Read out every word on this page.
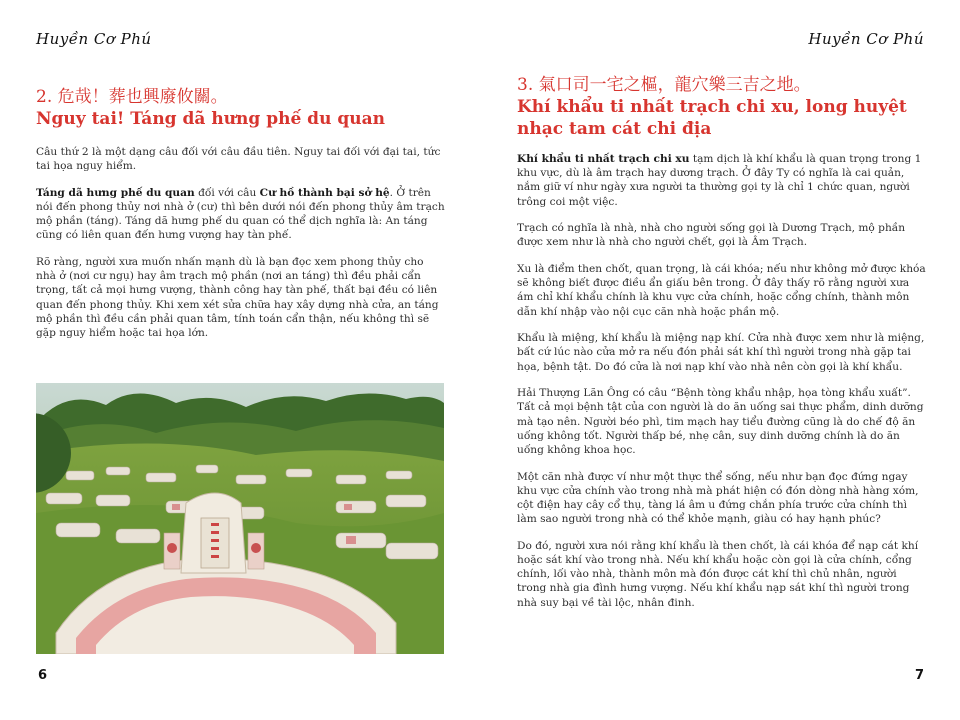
Huyền Cơ Phú
2. 危哉！葬也興廢攸關。
Nguy tai! Táng dã hưng phế du quan

Câu thứ 2 là một dạng câu đối với câu đầu tiên. Nguy tai đối với đại tai, tức tai họa nguy hiểm.

Táng dã hưng phế du quan đối với câu Cư hồ thành bại sở hệ. Ở trên nói đến phong thủy nơi nhà ở (cư) thì bên dưới nói đến phong thủy âm trạch mộ phần (táng). Táng dã hưng phế du quan có thể dịch nghĩa là: An táng cũng có liên quan đến hưng vượng hay tàn phế.

Rõ ràng, người xưa muốn nhấn mạnh dù là bạn đọc xem phong thủy cho nhà ở (nơi cư ngụ) hay âm trạch mộ phần (nơi an táng) thì đều phải cẩn trọng, tất cả mọi hưng vượng, thành công hay tàn phế, thất bại đều có liên quan đến phong thủy. Khi xem xét sửa chữa hay xây dựng nhà cửa, an táng mộ phần thì đều cần phải quan tâm, tính toán cẩn thận, nếu không thì sẽ gặp nguy hiểm hoặc tai họa lớn.

6
Huyền Cơ Phú
3. 氣口司一宅之樞，龍穴樂三吉之地。
Khí khẩu ti nhất trạch chi xu, long huyệt nhạc tam cát chi địa

Khí khẩu ti nhất trạch chi xu tạm dịch là khí khẩu là quan trọng trong 1 khu vực, dù là âm trạch hay dương trạch. Ở đây Ty có nghĩa là cai quản, nắm giữ ví như ngày xưa người ta thường gọi ty là chỉ 1 chức quan, người trông coi một việc.

Trạch có nghĩa là nhà, nhà cho người sống gọi là Dương Trạch, mộ phần được xem như là nhà cho người chết, gọi là Âm Trạch.

Xu là điểm then chốt, quan trọng, là cái khóa; nếu như không mở được khóa sẽ không biết được điều ẩn giấu bên trong. Ở đây thấy rõ rằng người xưa ám chỉ khí khẩu chính là khu vực cửa chính, hoặc cổng chính, thành môn dẫn khí nhập vào nội cục căn nhà hoặc phần mộ.

Khẩu là miệng, khí khẩu là miệng nạp khí. Cửa nhà được xem như là miệng, bất cứ lúc nào cửa mở ra nếu đón phải sát khí thì người trong nhà gặp tai họa, bệnh tật. Do đó cửa là nơi nạp khí vào nhà nên còn gọi là khí khẩu.

Hải Thượng Lãn Ông có câu “Bệnh tòng khẩu nhập, họa tòng khẩu xuất”. Tất cả mọi bệnh tật của con người là do ăn uống sai thực phẩm, dinh dưỡng mà tạo nên. Người béo phì, tim mạch hay tiểu đường cũng là do chế độ ăn uống không tốt. Người thấp bé, nhẹ cân, suy dinh dưỡng chính là do ăn uống không khoa học.

Một căn nhà được ví như một thực thể sống, nếu như bạn đọc đứng ngay khu vực cửa chính vào trong nhà mà phát hiện có đón dòng nhà hàng xóm, cột điện hay cây cổ thụ, tàng lá âm u đứng chắn phía trước cửa chính thì làm sao người trong nhà có thể khỏe mạnh, giàu có hay hạnh phúc?

Do đó, người xưa nói rằng khí khẩu là then chốt, là cái khóa để nạp cát khí hoặc sát khí vào trong nhà. Nếu khí khẩu hoặc còn gọi là cửa chính, cổng chính, lối vào nhà, thành môn mà đón được cát khí thì chủ nhân, người trong nhà gia đình hưng vượng. Nếu khí khẩu nạp sát khí thì người trong nhà suy bại về tài lộc, nhân đinh.

7
